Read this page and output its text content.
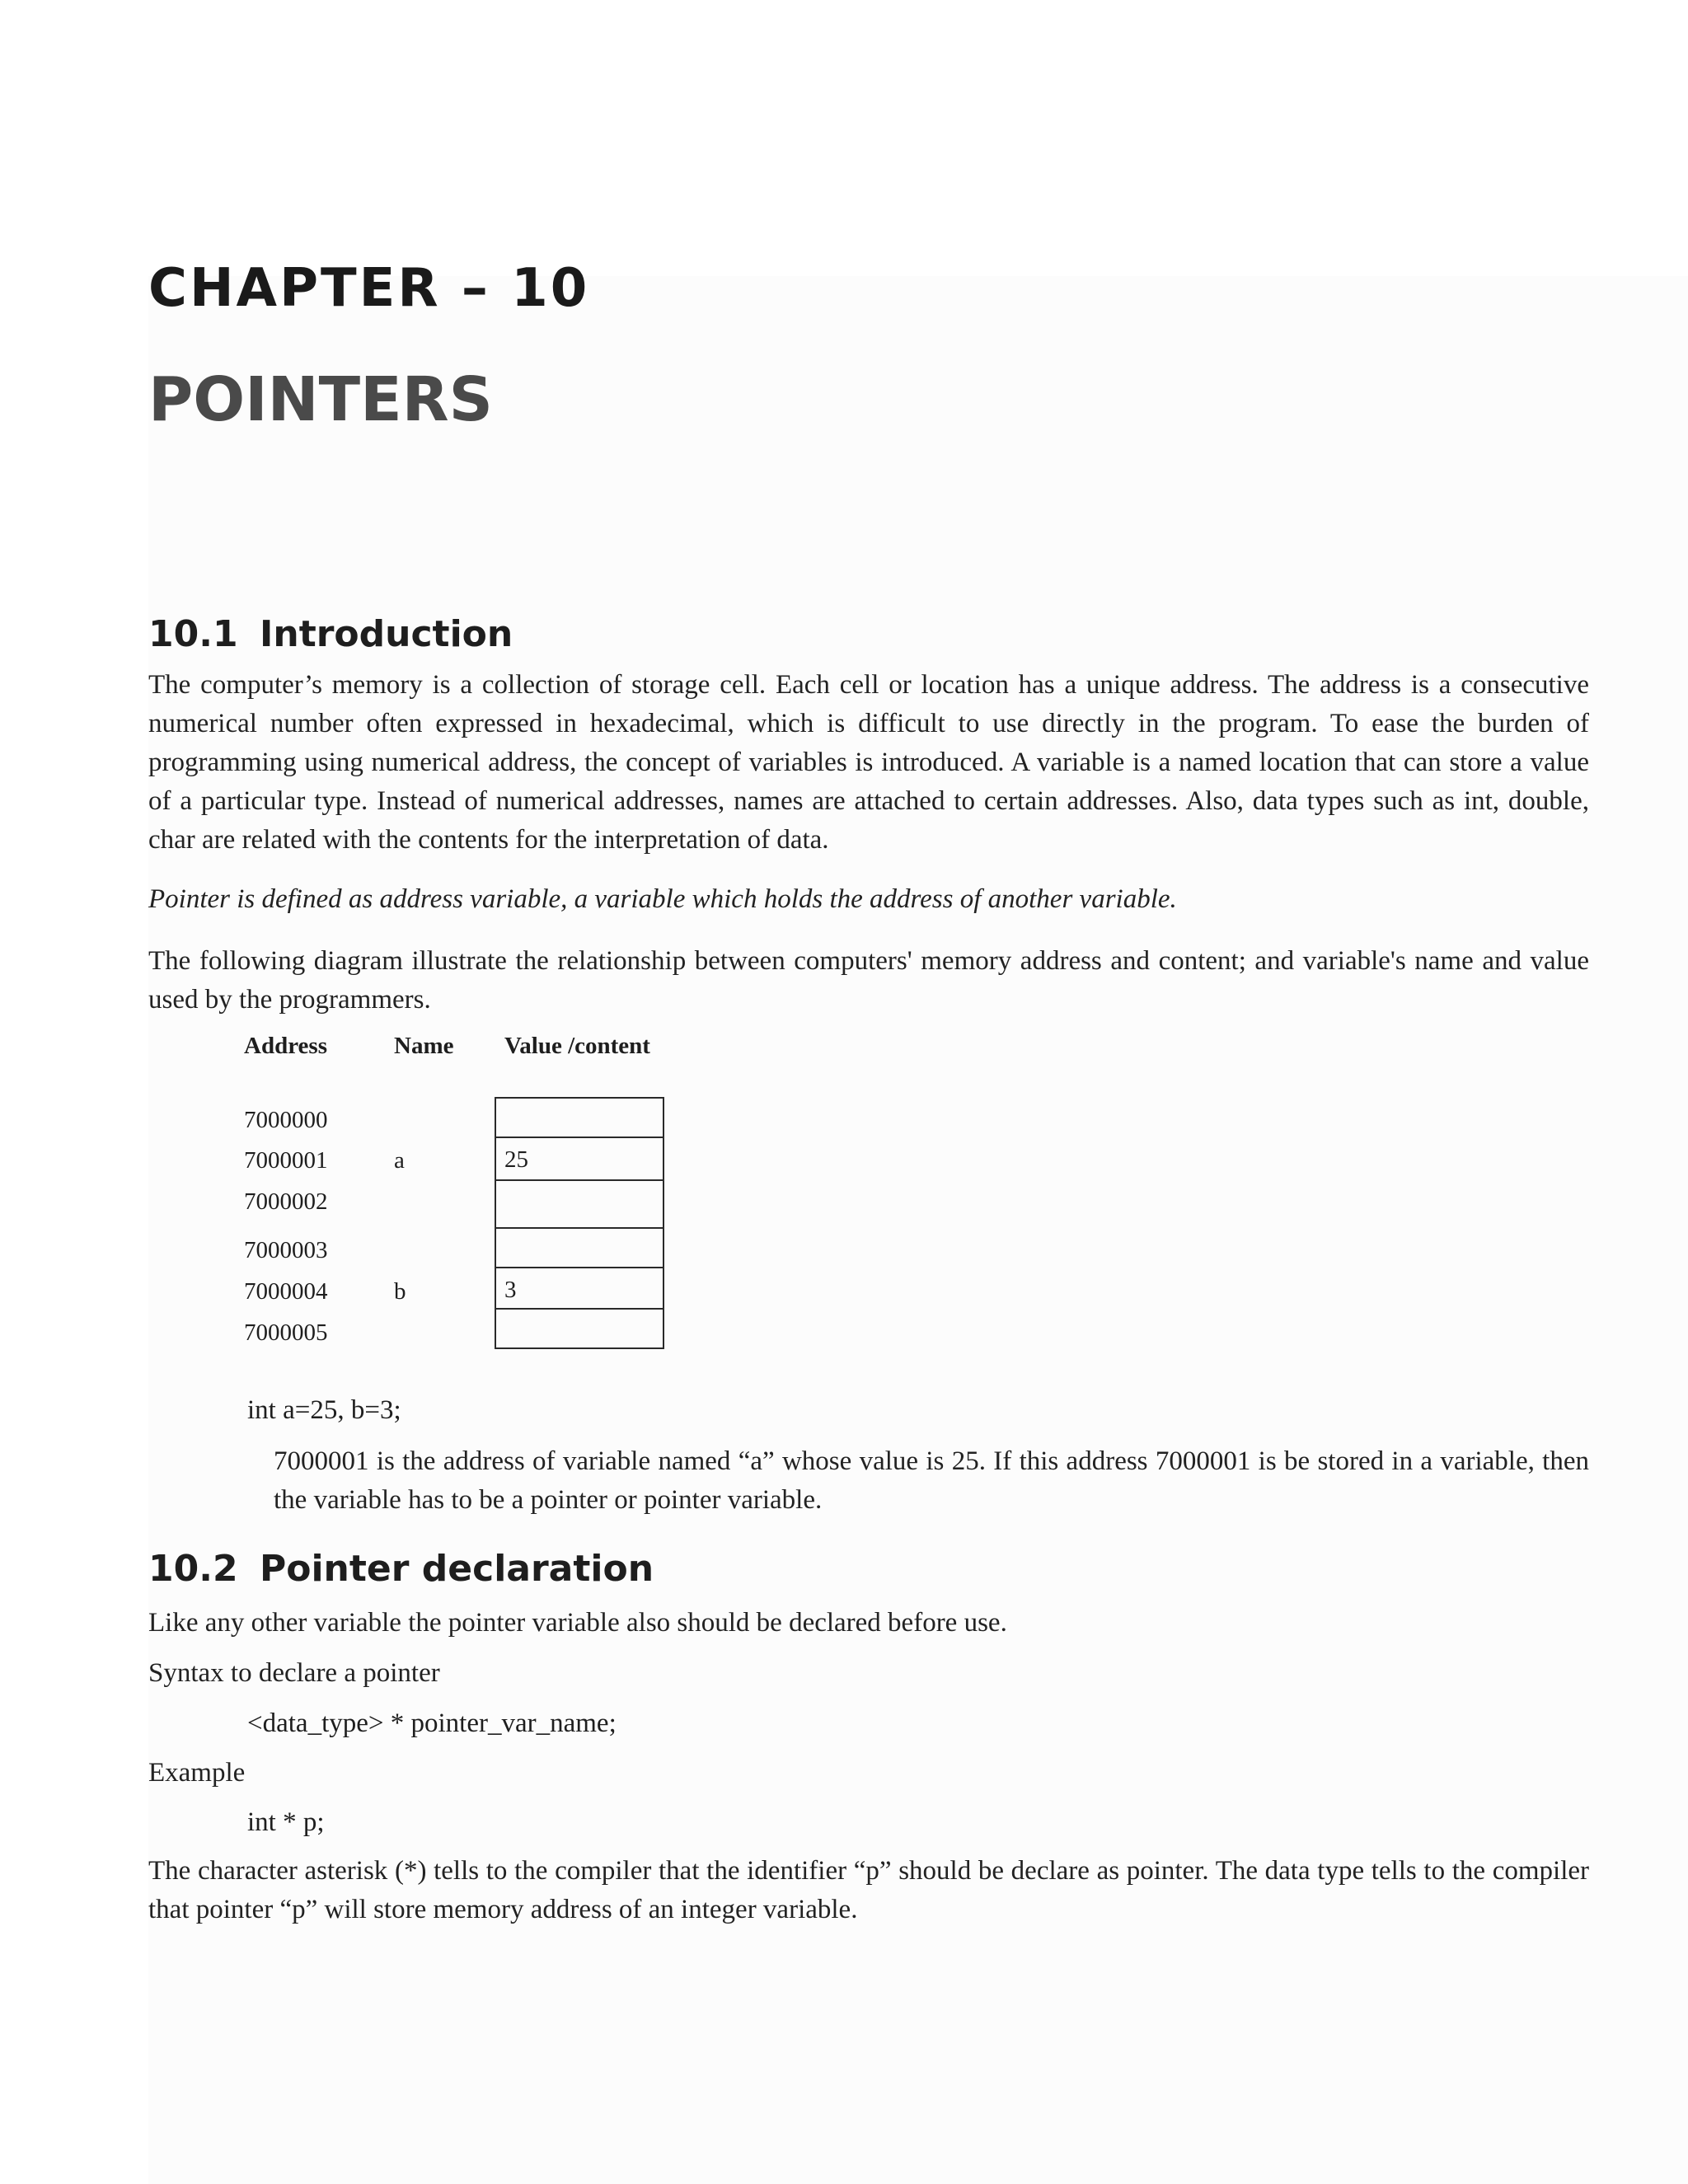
CHAPTER – 10
POINTERS
10.1 Introduction

The computer’s memory is a collection of storage cell. Each cell or location has a unique address. The address is a consecutive numerical number often expressed in hexadecimal, which is difficult to use directly in the program. To ease the burden of programming using numerical address, the concept of variables is introduced. A variable is a named location that can store a value of a particular type. Instead of numerical addresses, names are attached to certain addresses. Also, data types such as int, double, char are related with the contents for the interpretation of data.

Pointer is defined as address variable, a variable which holds the address of another variable.

The following diagram illustrate the relationship between computers' memory address and content; and variable's name and value used by the programmers.

Address	Name Value /content
7000000
7000001	a	25
7000002
7000003
7000004	b	3
7000005
int a=25, b=3;

7000001 is the address of variable named “a” whose value is 25. If this address 7000001 is be stored in a variable, then the variable has to be a pointer or pointer variable.

10.2 Pointer declaration

Like any other variable the pointer variable also should be declared before use.

Syntax to declare a pointer

<data_type> * pointer_var_name;

Example

int * p;

The character asterisk (*) tells to the compiler that the identifier “p” should be declare as pointer. The data type tells to the compiler that pointer “p” will store memory address of an integer variable.
